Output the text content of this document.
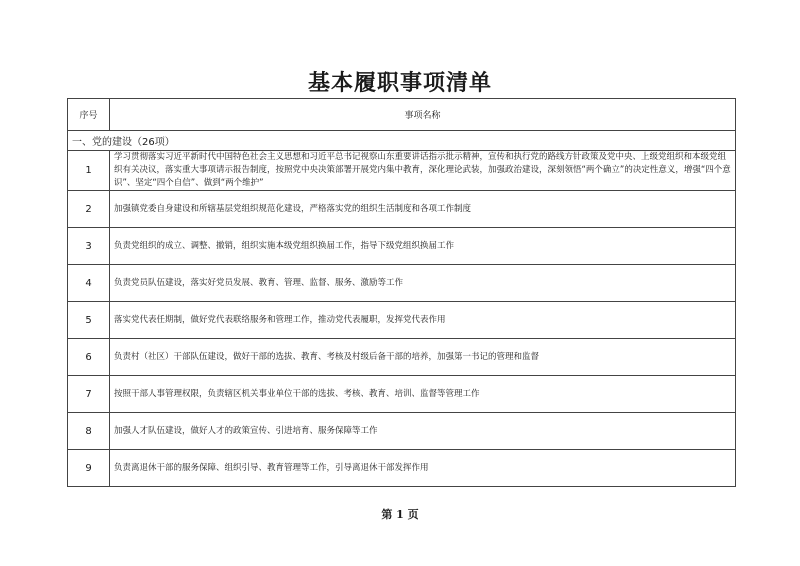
基本履职事项清单
序号	事项名称
一、党的建设（26项）	
1	学习贯彻落实习近平新时代中国特色社会主义思想和习近平总书记视察山东重要讲话指示批示精神，宣传和执行党的路线方针政策及党中央、上级党组织和本级党组织有关决议，落实重大事项请示报告制度，按照党中央决策部署开展党内集中教育，深化理论武装，加强政治建设，深刻领悟“两个确立”的决定性意义，增强“四个意识”、坚定“四个自信”、做到“两个维护”
2	加强镇党委自身建设和所辖基层党组织规范化建设，严格落实党的组织生活制度和各项工作制度
3	负责党组织的成立、调整、撤销，组织实施本级党组织换届工作，指导下级党组织换届工作
4	负责党员队伍建设，落实好党员发展、教育、管理、监督、服务、激励等工作
5	落实党代表任期制，做好党代表联络服务和管理工作，推动党代表履职，发挥党代表作用
6	负责村（社区）干部队伍建设，做好干部的选拔、教育、考核及村级后备干部的培养，加强第一书记的管理和监督
7	按照干部人事管理权限，负责辖区机关事业单位干部的选拔、考核、教育、培训、监督等管理工作
8	加强人才队伍建设，做好人才的政策宣传、引进培育、服务保障等工作
9	负责离退休干部的服务保障、组织引导、教育管理等工作，引导离退休干部发挥作用
第 1 页
